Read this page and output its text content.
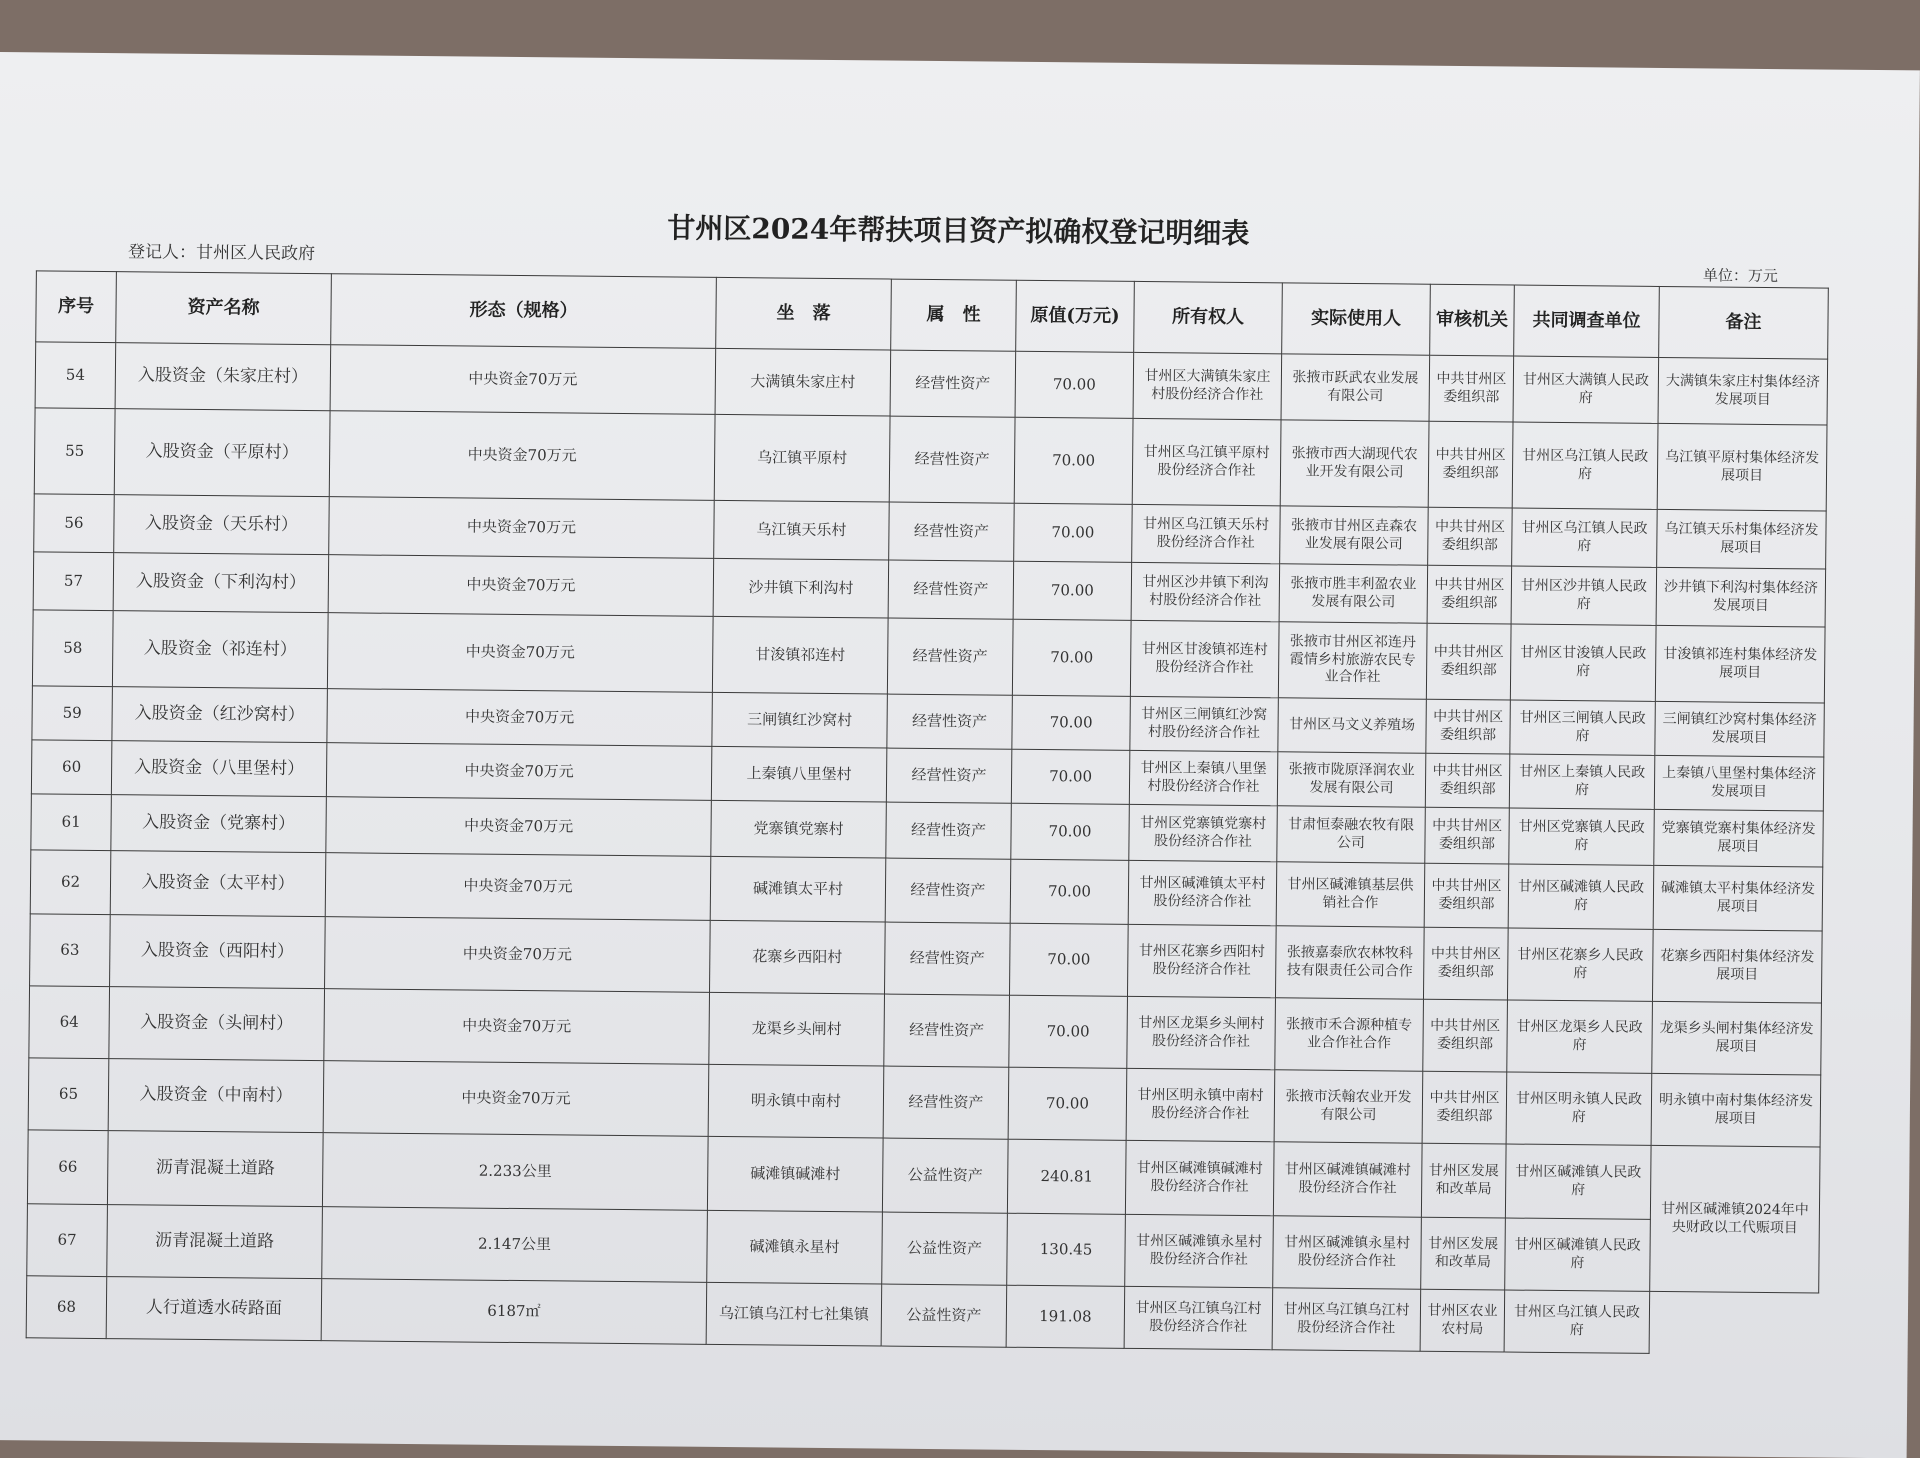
甘州区2024年帮扶项目资产拟确权登记明细表
登记人：甘州区人民政府
单位：万元
序号	资产名称	形态（规格）	坐　落	属　性	原值(万元)	所有权人	实际使用人	审核机关	共同调查单位	备注
54	入股资金（朱家庄村）	中央资金70万元	大满镇朱家庄村	经营性资产	70.00	甘州区大满镇朱家庄村股份经济合作社	张掖市跃武农业发展有限公司	中共甘州区委组织部	甘州区大满镇人民政府	大满镇朱家庄村集体经济发展项目
55	入股资金（平原村）	中央资金70万元	乌江镇平原村	经营性资产	70.00	甘州区乌江镇平原村股份经济合作社	张掖市西大湖现代农业开发有限公司	中共甘州区委组织部	甘州区乌江镇人民政府	乌江镇平原村集体经济发展项目
56	入股资金（天乐村）	中央资金70万元	乌江镇天乐村	经营性资产	70.00	甘州区乌江镇天乐村股份经济合作社	张掖市甘州区垚森农业发展有限公司	中共甘州区委组织部	甘州区乌江镇人民政府	乌江镇天乐村集体经济发展项目
57	入股资金（下利沟村）	中央资金70万元	沙井镇下利沟村	经营性资产	70.00	甘州区沙井镇下利沟村股份经济合作社	张掖市胜丰利盈农业发展有限公司	中共甘州区委组织部	甘州区沙井镇人民政府	沙井镇下利沟村集体经济发展项目
58	入股资金（祁连村）	中央资金70万元	甘浚镇祁连村	经营性资产	70.00	甘州区甘浚镇祁连村股份经济合作社	张掖市甘州区祁连丹霞情乡村旅游农民专业合作社	中共甘州区委组织部	甘州区甘浚镇人民政府	甘浚镇祁连村集体经济发展项目
59	入股资金（红沙窝村）	中央资金70万元	三闸镇红沙窝村	经营性资产	70.00	甘州区三闸镇红沙窝村股份经济合作社	甘州区马文义养殖场	中共甘州区委组织部	甘州区三闸镇人民政府	三闸镇红沙窝村集体经济发展项目
60	入股资金（八里堡村）	中央资金70万元	上秦镇八里堡村	经营性资产	70.00	甘州区上秦镇八里堡村股份经济合作社	张掖市陇原泽润农业发展有限公司	中共甘州区委组织部	甘州区上秦镇人民政府	上秦镇八里堡村集体经济发展项目
61	入股资金（党寨村）	中央资金70万元	党寨镇党寨村	经营性资产	70.00	甘州区党寨镇党寨村股份经济合作社	甘肃恒泰融农牧有限公司	中共甘州区委组织部	甘州区党寨镇人民政府	党寨镇党寨村集体经济发展项目
62	入股资金（太平村）	中央资金70万元	碱滩镇太平村	经营性资产	70.00	甘州区碱滩镇太平村股份经济合作社	甘州区碱滩镇基层供销社合作	中共甘州区委组织部	甘州区碱滩镇人民政府	碱滩镇太平村集体经济发展项目
63	入股资金（西阳村）	中央资金70万元	花寨乡西阳村	经营性资产	70.00	甘州区花寨乡西阳村股份经济合作社	张掖嘉泰欣农林牧科技有限责任公司合作	中共甘州区委组织部	甘州区花寨乡人民政府	花寨乡西阳村集体经济发展项目
64	入股资金（头闸村）	中央资金70万元	龙渠乡头闸村	经营性资产	70.00	甘州区龙渠乡头闸村股份经济合作社	张掖市禾合源种植专业合作社合作	中共甘州区委组织部	甘州区龙渠乡人民政府	龙渠乡头闸村集体经济发展项目
65	入股资金（中南村）	中央资金70万元	明永镇中南村	经营性资产	70.00	甘州区明永镇中南村股份经济合作社	张掖市沃翰农业开发有限公司	中共甘州区委组织部	甘州区明永镇人民政府	明永镇中南村集体经济发展项目
66	沥青混凝土道路	2.233公里	碱滩镇碱滩村	公益性资产	240.81	甘州区碱滩镇碱滩村股份经济合作社	甘州区碱滩镇碱滩村股份经济合作社	甘州区发展和改革局	甘州区碱滩镇人民政府	甘州区碱滩镇2024年中央财政以工代赈项目
67	沥青混凝土道路	2.147公里	碱滩镇永星村	公益性资产	130.45	甘州区碱滩镇永星村股份经济合作社	甘州区碱滩镇永星村股份经济合作社	甘州区发展和改革局	甘州区碱滩镇人民政府	
68	人行道透水砖路面	6187㎡	乌江镇乌江村七社集镇	公益性资产	191.08	甘州区乌江镇乌江村股份经济合作社	甘州区乌江镇乌江村股份经济合作社	甘州区农业农村局	甘州区乌江镇人民政府	
